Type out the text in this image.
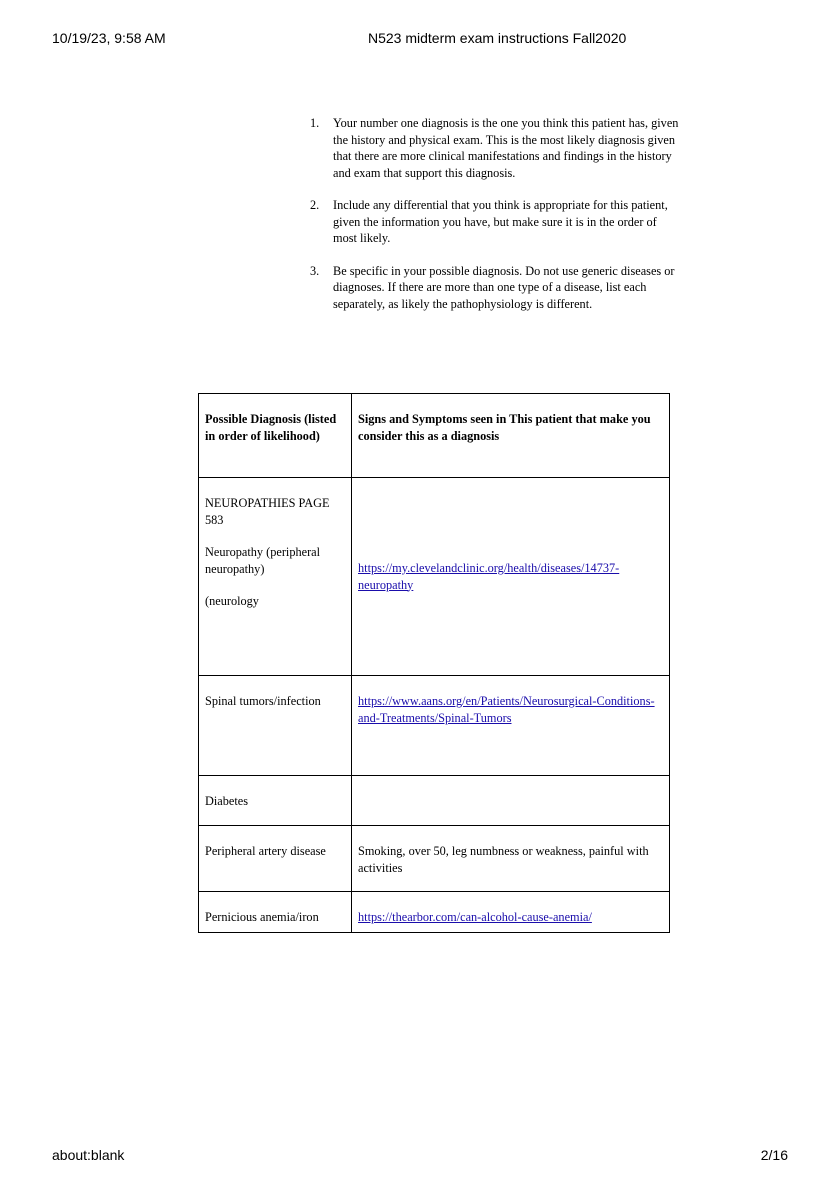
10/19/23, 9:58 AM	N523 midterm exam instructions Fall2020
1. Your number one diagnosis is the one you think this patient has, given the history and physical exam. This is the most likely diagnosis given that there are more clinical manifestations and findings in the history and exam that support this diagnosis.
2. Include any differential that you think is appropriate for this patient, given the information you have, but make sure it is in the order of most likely.
3. Be specific in your possible diagnosis. Do not use generic diseases or diagnoses. If there are more than one type of a disease, list each separately, as likely the pathophysiology is different.
Possible Diagnosis (listed in order of likelihood)	Signs and Symptoms seen in This patient that make you consider this as a diagnosis
NEUROPATHIES PAGE 583
Neuropathy (peripheral neuropathy)
(neurology	https://my.clevelandclinic.org/health/diseases/14737-neuropathy
Spinal tumors/infection	https://www.aans.org/en/Patients/Neurosurgical-Conditions-and-Treatments/Spinal-Tumors
Diabetes	
Peripheral artery disease	Smoking, over 50, leg numbness or weakness, painful with activities
Pernicious anemia/iron	https://thearbor.com/can-alcohol-cause-anemia/
about:blank	2/16
